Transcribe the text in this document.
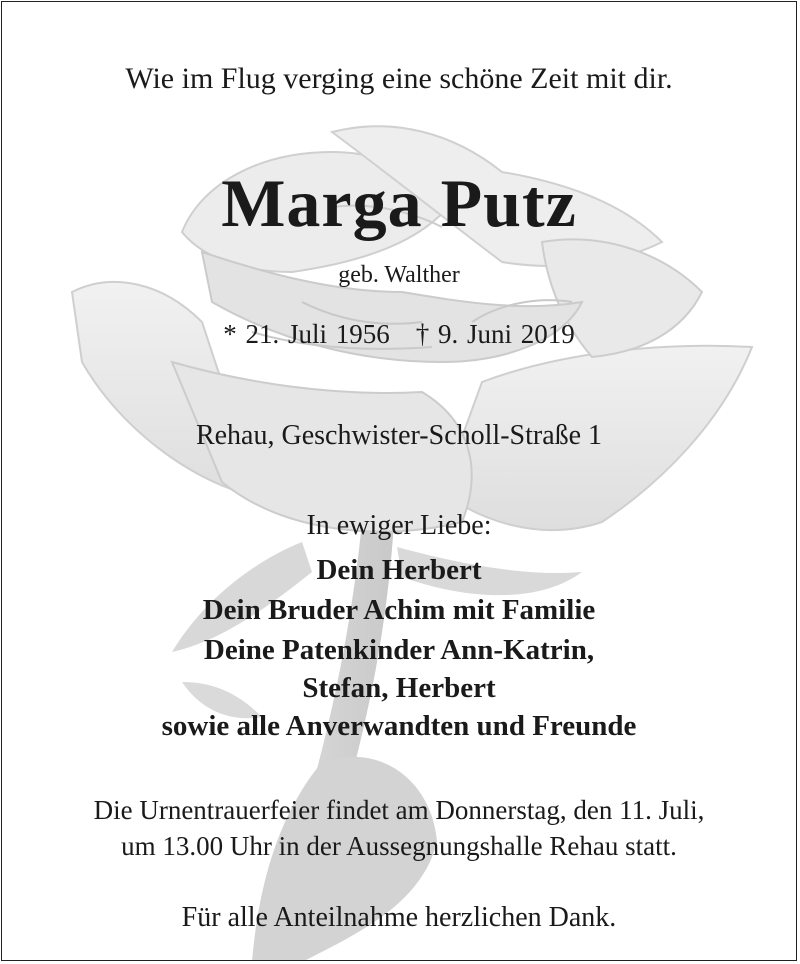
Wie im Flug verging eine schöne Zeit mit dir.
Marga Putz
geb. Walther
* 21. Juli 1956 † 9. Juni 2019
Rehau, Geschwister-Scholl-Straße 1
In ewiger Liebe:
Dein Herbert
Dein Bruder Achim mit Familie
Deine Patenkinder Ann-Katrin,
Stefan, Herbert
sowie alle Anverwandten und Freunde
Die Urnentrauerfeier findet am Donnerstag, den 11. Juli,
um 13.00 Uhr in der Aussegnungshalle Rehau statt.
Für alle Anteilnahme herzlichen Dank.
